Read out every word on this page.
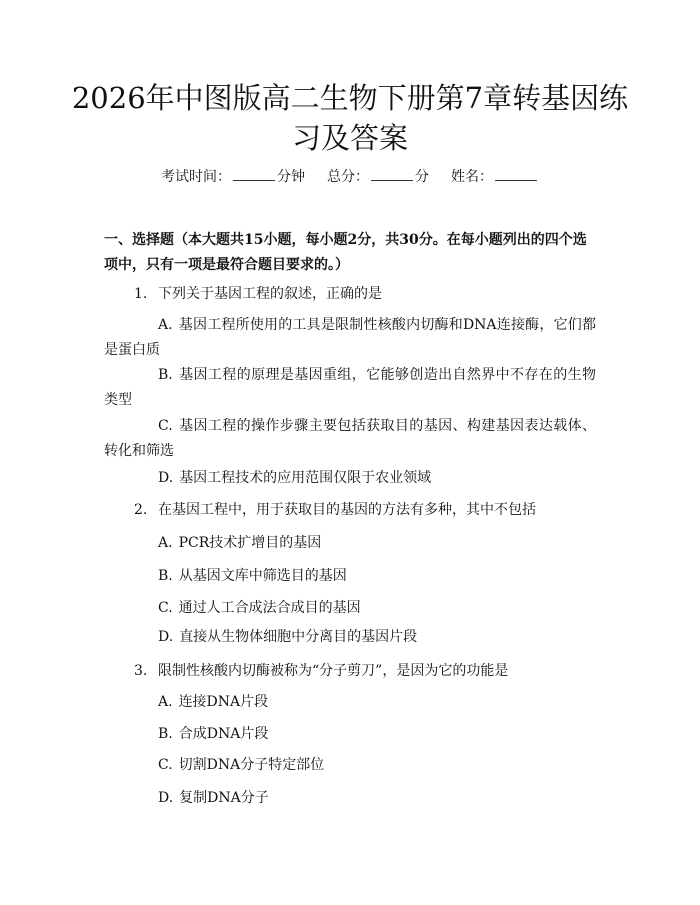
2026年中图版高二生物下册第7章转基因练习及答案
考试时间：	分钟 总分：	分 姓名：

一、选择题（本大题共15小题，每小题2分，共30分。在每小题列出的四个选项中，只有一项是最符合题目要求的。）

1. 下列关于基因工程的叙述，正确的是
A. 基因工程所使用的工具是限制性核酸内切酶和DNA连接酶，它们都是蛋白质
B. 基因工程的原理是基因重组，它能够创造出自然界中不存在的生物类型
C. 基因工程的操作步骤主要包括获取目的基因、构建基因表达载体、转化和筛选
D. 基因工程技术的应用范围仅限于农业领域
2. 在基因工程中，用于获取目的基因的方法有多种，其中不包括
A. PCR技术扩增目的基因
B. 从基因文库中筛选目的基因
C. 通过人工合成法合成目的基因
D. 直接从生物体细胞中分离目的基因片段
3. 限制性核酸内切酶被称为“分子剪刀”，是因为它的功能是
A. 连接DNA片段
B. 合成DNA片段
C. 切割DNA分子特定部位
D. 复制DNA分子
